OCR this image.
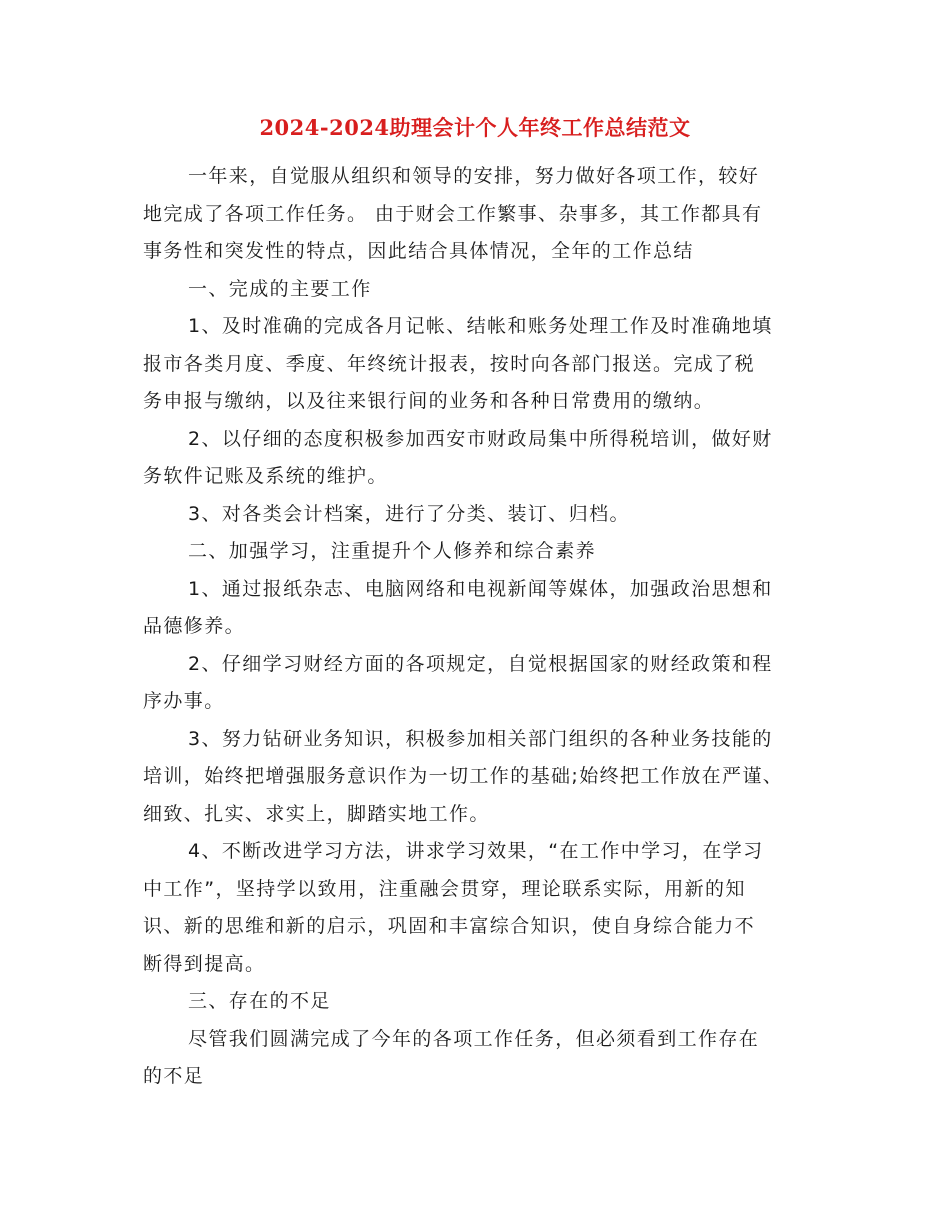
2024-2024助理会计个人年终工作总结范文
一年来，自觉服从组织和领导的安排，努力做好各项工作，较好
地完成了各项工作任务。 由于财会工作繁事、杂事多，其工作都具有
事务性和突发性的特点，因此结合具体情况，全年的工作总结
一、完成的主要工作
1、及时准确的完成各月记帐、结帐和账务处理工作及时准确地填
报市各类月度、季度、年终统计报表，按时向各部门报送。完成了税
务申报与缴纳，以及往来银行间的业务和各种日常费用的缴纳。
2、以仔细的态度积极参加西安市财政局集中所得税培训，做好财
务软件记账及系统的维护。
3、对各类会计档案，进行了分类、装订、归档。
二、加强学习，注重提升个人修养和综合素养
1、通过报纸杂志、电脑网络和电视新闻等媒体，加强政治思想和
品德修养。
2、仔细学习财经方面的各项规定，自觉根据国家的财经政策和程
序办事。
3、努力钻研业务知识，积极参加相关部门组织的各种业务技能的
培训，始终把增强服务意识作为一切工作的基础;始终把工作放在严谨、
细致、扎实、求实上，脚踏实地工作。
4、不断改进学习方法，讲求学习效果，“在工作中学习，在学习
中工作”，坚持学以致用，注重融会贯穿，理论联系实际，用新的知
识、新的思维和新的启示，巩固和丰富综合知识，使自身综合能力不
断得到提高。
三、存在的不足
尽管我们圆满完成了今年的各项工作任务，但必须看到工作存在
的不足
